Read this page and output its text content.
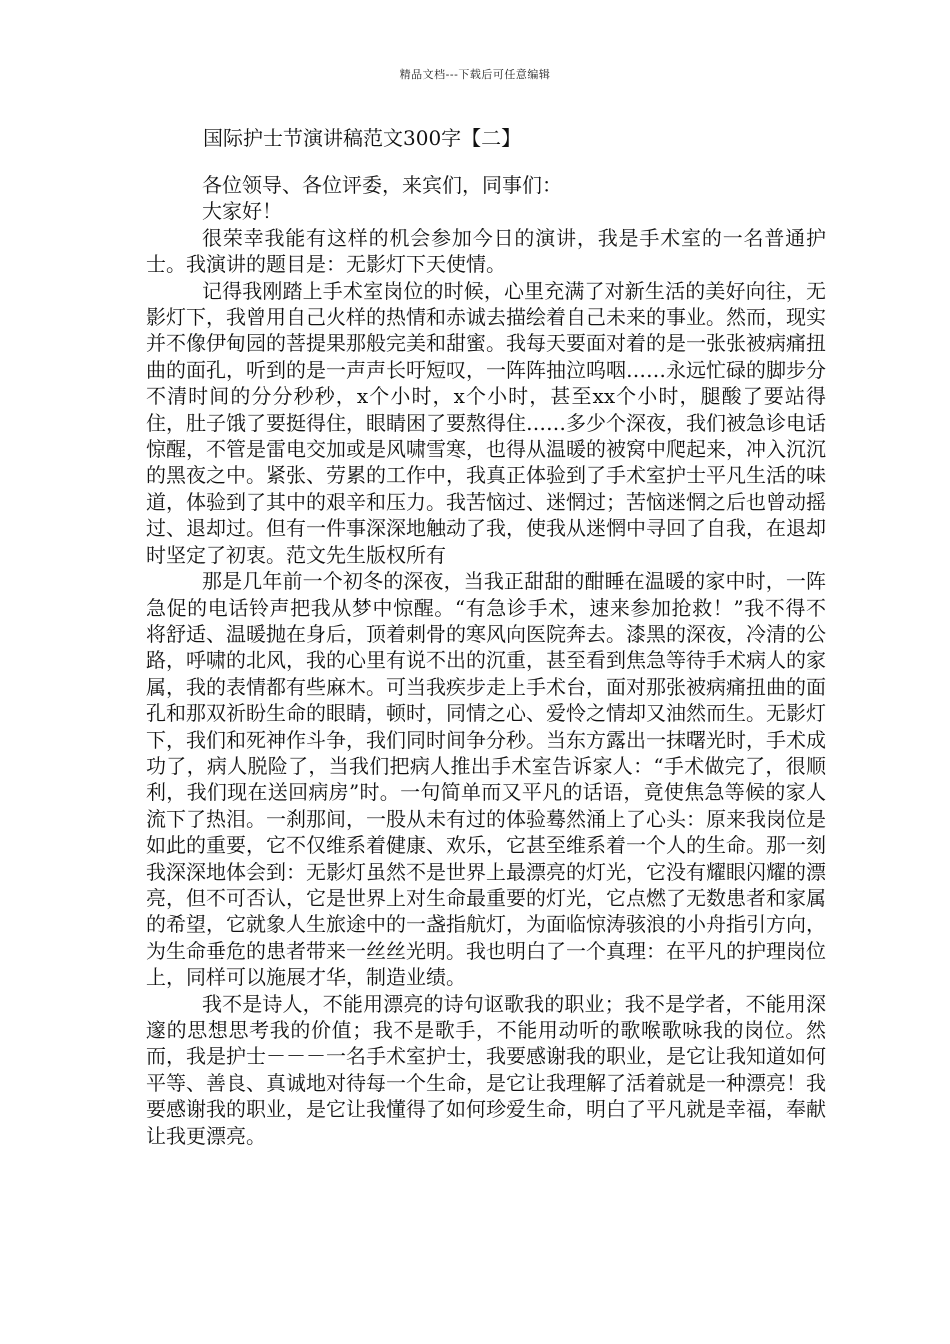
精品文档---下载后可任意编辑
国际护士节演讲稿范文300字【二】

各位领导、各位评委，来宾们，同事们：

大家好！

很荣幸我能有这样的机会参加今日的演讲，我是手术室的一名普通护士。我演讲的题目是：无影灯下天使情。

记得我刚踏上手术室岗位的时候，心里充满了对新生活的美好向往，无影灯下，我曾用自己火样的热情和赤诚去描绘着自己未来的事业。然而，现实并不像伊甸园的菩提果那般完美和甜蜜。我每天要面对着的是一张张被病痛扭曲的面孔，听到的是一声声长吁短叹，一阵阵抽泣呜咽……永远忙碌的脚步分不清时间的分分秒秒，x个小时，x个小时，甚至xx个小时，腿酸了要站得住，肚子饿了要挺得住，眼睛困了要熬得住……多少个深夜，我们被急诊电话惊醒，不管是雷电交加或是风啸雪寒，也得从温暖的被窝中爬起来，冲入沉沉的黑夜之中。紧张、劳累的工作中，我真正体验到了手术室护士平凡生活的味道，体验到了其中的艰辛和压力。我苦恼过、迷惘过；苦恼迷惘之后也曾动摇过、退却过。但有一件事深深地触动了我，使我从迷惘中寻回了自我，在退却时坚定了初衷。范文先生版权所有

那是几年前一个初冬的深夜，当我正甜甜的酣睡在温暖的家中时，一阵急促的电话铃声把我从梦中惊醒。“有急诊手术，速来参加抢救！”我不得不将舒适、温暖抛在身后，顶着刺骨的寒风向医院奔去。漆黑的深夜，冷清的公路，呼啸的北风，我的心里有说不出的沉重，甚至看到焦急等待手术病人的家属，我的表情都有些麻木。可当我疾步走上手术台，面对那张被病痛扭曲的面孔和那双祈盼生命的眼睛，顿时，同情之心、爱怜之情却又油然而生。无影灯下，我们和死神作斗争，我们同时间争分秒。当东方露出一抹曙光时，手术成功了，病人脱险了，当我们把病人推出手术室告诉家人：“手术做完了，很顺利，我们现在送回病房”时。一句简单而又平凡的话语，竟使焦急等候的家人流下了热泪。一刹那间，一股从未有过的体验蓦然涌上了心头：原来我岗位是如此的重要，它不仅维系着健康、欢乐，它甚至维系着一个人的生命。那一刻我深深地体会到：无影灯虽然不是世界上最漂亮的灯光，它没有耀眼闪耀的漂亮，但不可否认，它是世界上对生命最重要的灯光，它点燃了无数患者和家属的希望，它就象人生旅途中的一盏指航灯，为面临惊涛骇浪的小舟指引方向，为生命垂危的患者带来一丝丝光明。我也明白了一个真理：在平凡的护理岗位上，同样可以施展才华，制造业绩。

我不是诗人，不能用漂亮的诗句讴歌我的职业；我不是学者，不能用深邃的思想思考我的价值；我不是歌手，不能用动听的歌喉歌咏我的岗位。然而，我是护士－－－一名手术室护士，我要感谢我的职业，是它让我知道如何平等、善良、真诚地对待每一个生命，是它让我理解了活着就是一种漂亮！我要感谢我的职业，是它让我懂得了如何珍爱生命，明白了平凡就是幸福，奉献让我更漂亮。
